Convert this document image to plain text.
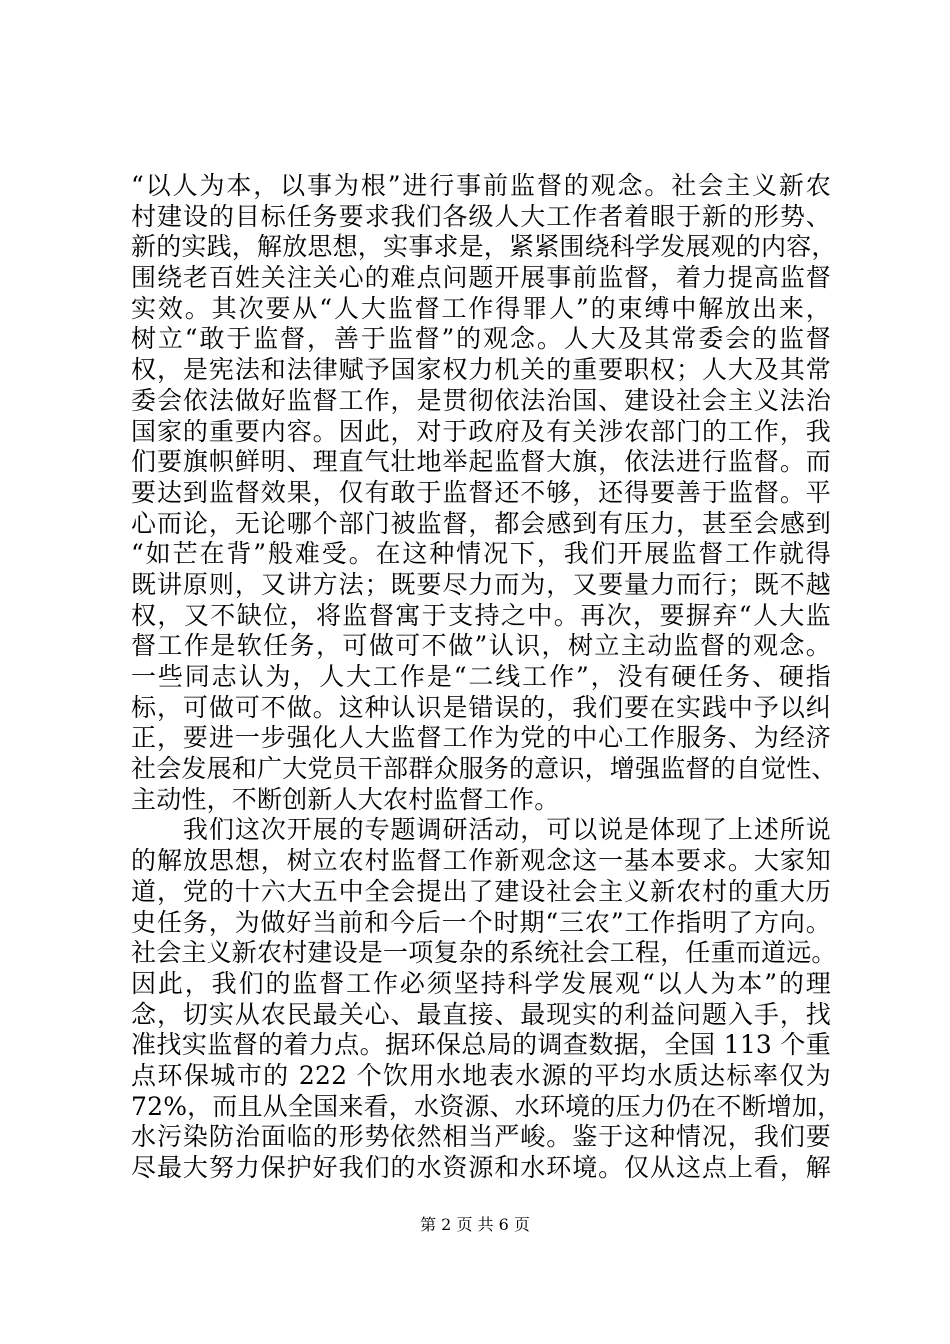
“以人为本，以事为根”进行事前监督的观念。社会主义新农
村建设的目标任务要求我们各级人大工作者着眼于新的形势、
新的实践，解放思想，实事求是，紧紧围绕科学发展观的内容，
围绕老百姓关注关心的难点问题开展事前监督，着力提高监督
实效。其次要从“人大监督工作得罪人”的束缚中解放出来，
树立“敢于监督，善于监督”的观念。人大及其常委会的监督
权，是宪法和法律赋予国家权力机关的重要职权；人大及其常
委会依法做好监督工作，是贯彻依法治国、建设社会主义法治
国家的重要内容。因此，对于政府及有关涉农部门的工作，我
们要旗帜鲜明、理直气壮地举起监督大旗，依法进行监督。而
要达到监督效果，仅有敢于监督还不够，还得要善于监督。平
心而论，无论哪个部门被监督，都会感到有压力，甚至会感到
“如芒在背”般难受。在这种情况下，我们开展监督工作就得
既讲原则，又讲方法；既要尽力而为，又要量力而行；既不越
权，又不缺位，将监督寓于支持之中。再次，要摒弃“人大监
督工作是软任务，可做可不做”认识，树立主动监督的观念。
一些同志认为，人大工作是“二线工作”，没有硬任务、硬指
标，可做可不做。这种认识是错误的，我们要在实践中予以纠
正，要进一步强化人大监督工作为党的中心工作服务、为经济
社会发展和广大党员干部群众服务的意识，增强监督的自觉性、
主动性，不断创新人大农村监督工作。
　　我们这次开展的专题调研活动，可以说是体现了上述所说
的解放思想，树立农村监督工作新观念这一基本要求。大家知
道，党的十六大五中全会提出了建设社会主义新农村的重大历
史任务，为做好当前和今后一个时期“三农”工作指明了方向。
社会主义新农村建设是一项复杂的系统社会工程，任重而道远。
因此，我们的监督工作必须坚持科学发展观“以人为本”的理
念，切实从农民最关心、最直接、最现实的利益问题入手，找
准找实监督的着力点。据环保总局的调查数据，全国 113 个重
点环保城市的 222 个饮用水地表水源的平均水质达标率仅为
72%，而且从全国来看，水资源、水环境的压力仍在不断增加，
水污染防治面临的形势依然相当严峻。鉴于这种情况，我们要
尽最大努力保护好我们的水资源和水环境。仅从这点上看，解
第 2 页 共 6 页
